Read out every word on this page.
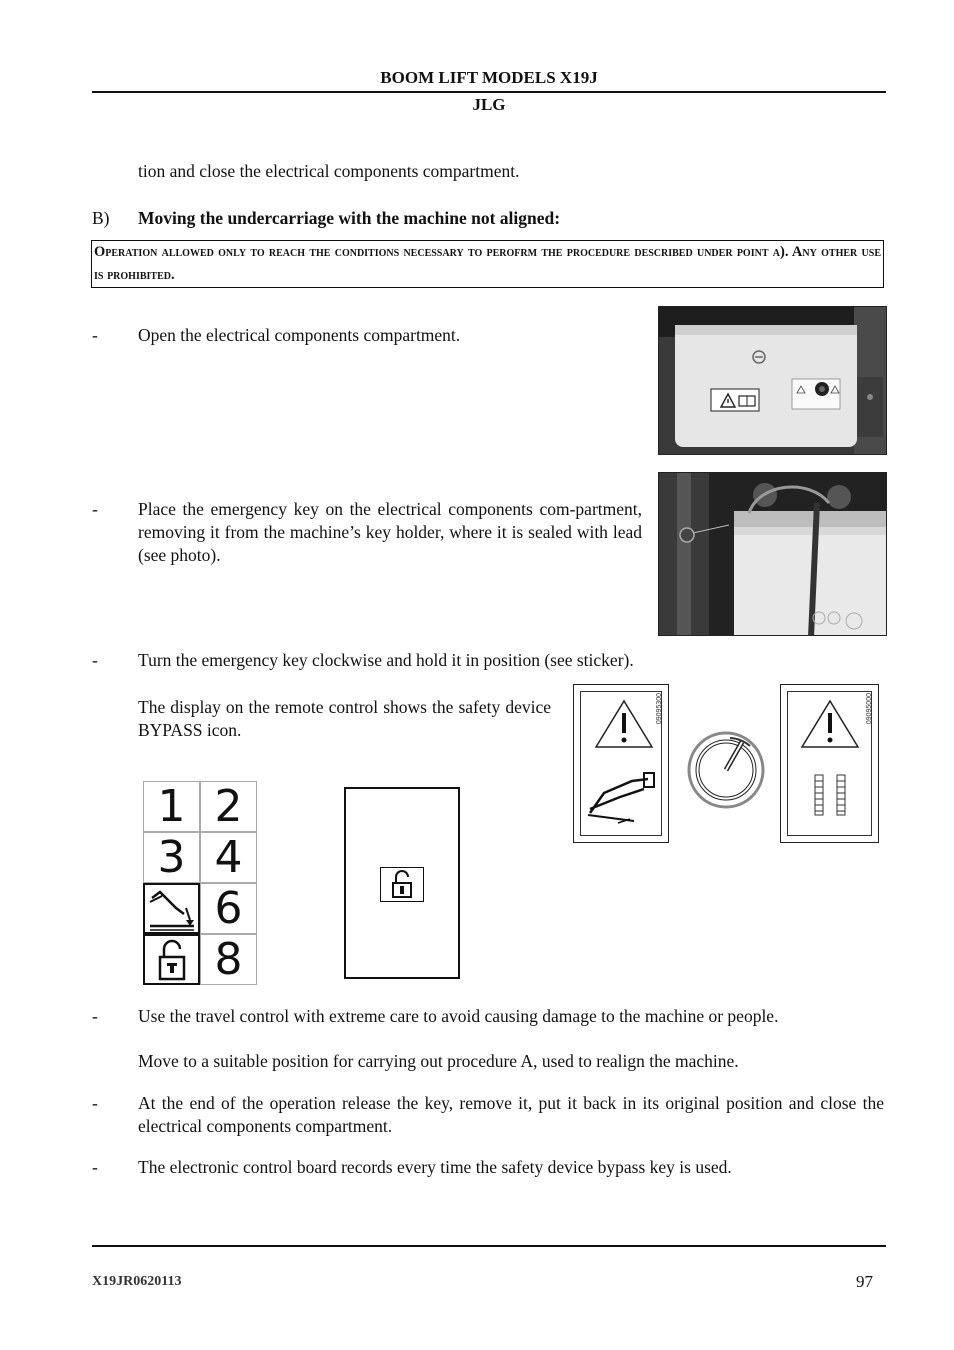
BOOM LIFT MODELS X19J
JLG
tion and close the electrical components compartment.
B) Moving the undercarriage with the machine not aligned:
Operation allowed only to reach the conditions necessary to perofrm the procedure described under point a). Any other use is prohibited.
- Open the electrical components compartment.
- Place the emergency key on the electrical components com-partment, removing it from the machine’s key holder, where it is sealed with lead (see photo).
- Turn the emergency key clockwise and hold it in position (see sticker).
The display on the remote control shows the safety device BYPASS icon.
09095300	09095000
1 2
3 4
6
8
- Use the travel control with extreme care to avoid causing damage to the machine or people.
Move to a suitable position for carrying out procedure A, used to realign the machine.
- At the end of the operation release the key, remove it, put it back in its original position and close the electrical components compartment.
- The electronic control board records every time the safety device bypass key is used.
X19JR0620113	97
